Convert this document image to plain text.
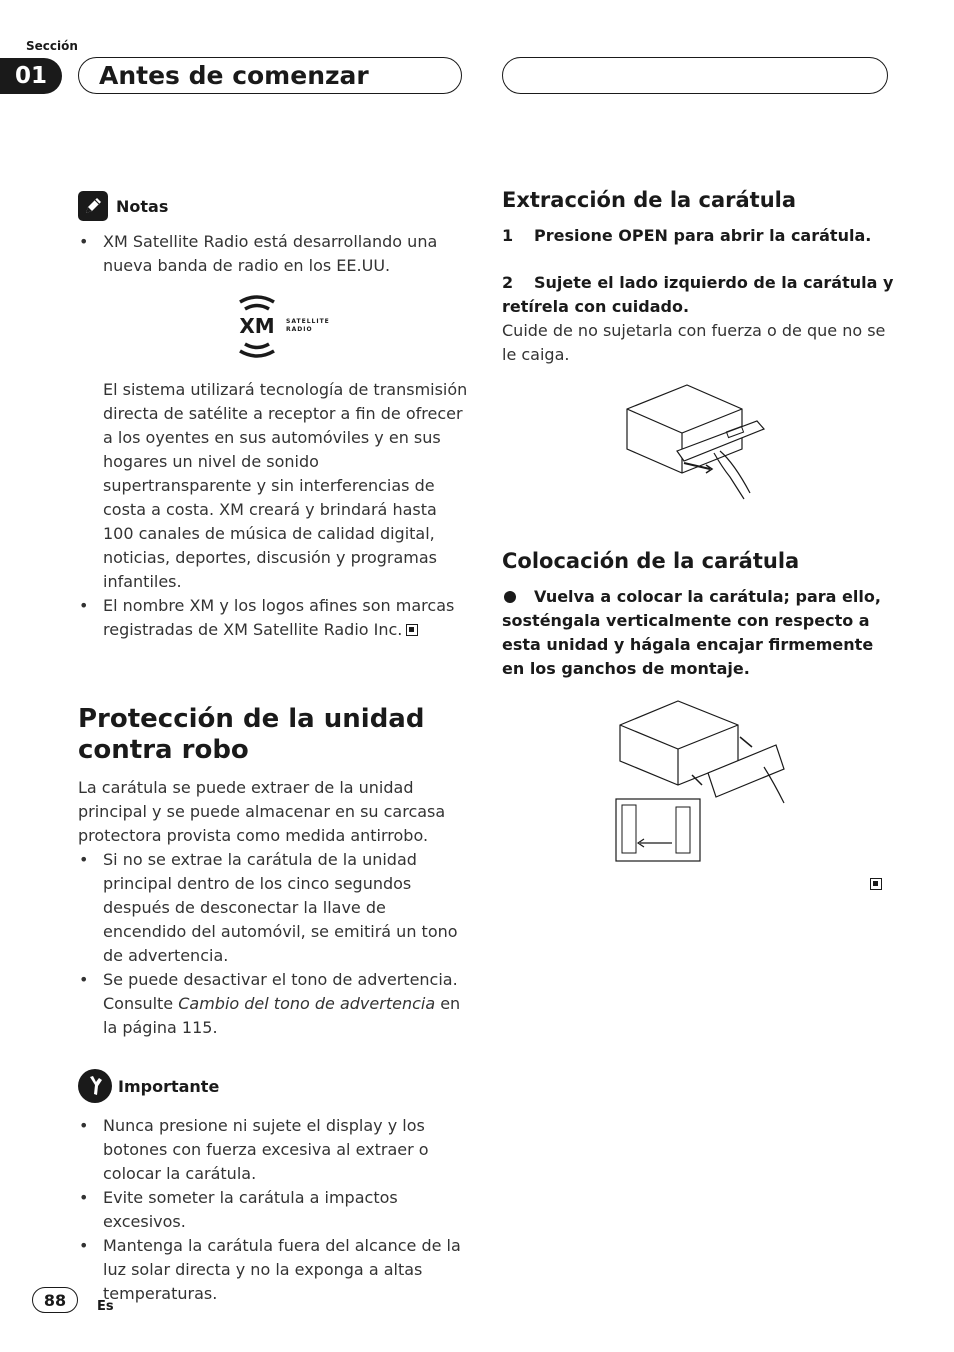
Sección
01	Antes de comenzar
Notas
• XM Satellite Radio está desarrollando una nueva banda de radio en los EE.UU.
XM SATELLITE
RADIO

El sistema utilizará tecnología de transmisión directa de satélite a receptor a fin de ofrecer a los oyentes en sus automóviles y en sus hogares un nivel de sonido supertransparente y sin interferencias de costa a costa. XM creará y brindará hasta 100 canales de música de calidad digital, noticias, deportes, discusión y programas infantiles.

• El nombre XM y los logos afines son marcas registradas de XM Satellite Radio Inc.
Protección de la unidad contra robo

La carátula se puede extraer de la unidad principal y se puede almacenar en su carcasa protectora provista como medida antirrobo.

• Si no se extrae la carátula de la unidad principal dentro de los cinco segundos después de desconectar la llave de encendido del automóvil, se emitirá un tono de advertencia.
• Se puede desactivar el tono de advertencia. Consulte Cambio del tono de advertencia en la página 115.
Importante
• Nunca presione ni sujete el display y los botones con fuerza excesiva al extraer o colocar la carátula.
• Evite someter la carátula a impactos excesivos.
• Mantenga la carátula fuera del alcance de la luz solar directa y no la exponga a altas temperaturas.
Extracción de la carátula

1 Presione OPEN para abrir la carátula.

2 Sujete el lado izquierdo de la carátula y retírela con cuidado.

Cuide de no sujetarla con fuerza o de que no se le caiga.

Colocación de la carátula

Vuelva a colocar la carátula; para ello, sosténgala verticalmente con respecto a esta unidad y hágala encajar firmemente en los ganchos de montaje.

88	Es
